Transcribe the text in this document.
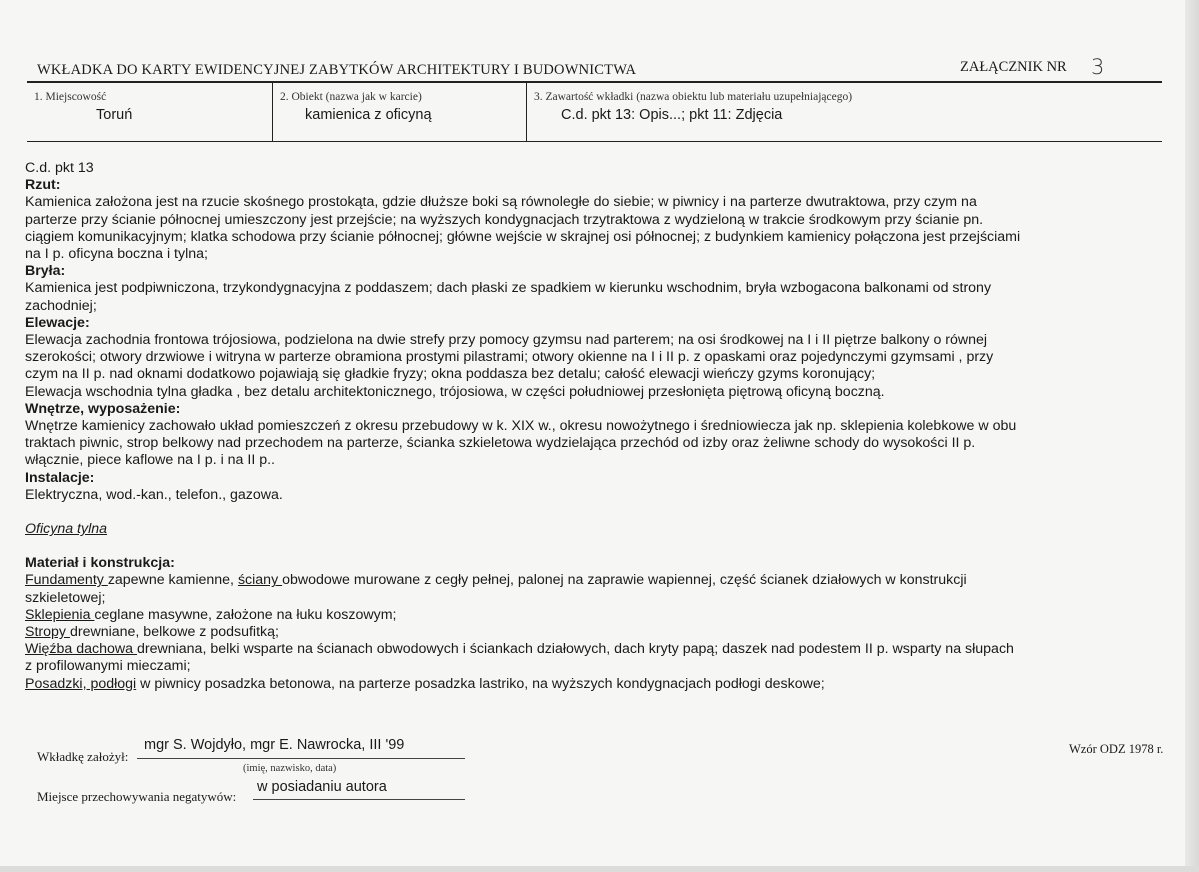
WKŁADKA DO KARTY EWIDENCYJNEJ ZABYTKÓW ARCHITEKTURY I BUDOWNICTWA	ZAŁĄCZNIK NR 3
1. Miejscowość
Toruń
2. Obiekt (nazwa jak w karcie)
kamienica z oficyną
3. Zawartość wkładki (nazwa obiektu lub materiału uzupełniającego)
C.d. pkt 13: Opis...; pkt 11: Zdjęcia
C.d. pkt 13
Rzut:
Kamienica założona jest na rzucie skośnego prostokąta, gdzie dłuższe boki są równoległe do siebie; w piwnicy i na parterze dwutraktowa, przy czym na
parterze przy ścianie północnej umieszczony jest przejście; na wyższych kondygnacjach trzytraktowa z wydzieloną w trakcie środkowym przy ścianie pn.
ciągiem komunikacyjnym; klatka schodowa przy ścianie północnej; główne wejście w skrajnej osi północnej; z budynkiem kamienicy połączona jest przejściami
na I p. oficyna boczna i tylna;
Bryła:
Kamienica jest podpiwniczona, trzykondygnacyjna z poddaszem; dach płaski ze spadkiem w kierunku wschodnim, bryła wzbogacona balkonami od strony
zachodniej;
Elewacje:
Elewacja zachodnia frontowa trójosiowa, podzielona na dwie strefy przy pomocy gzymsu nad parterem; na osi środkowej na I i II piętrze balkony o równej
szerokości; otwory drzwiowe i witryna w parterze obramiona prostymi pilastrami; otwory okienne na I i II p. z opaskami oraz pojedynczymi gzymsami , przy
czym na II p. nad oknami dodatkowo pojawiają się gładkie fryzy; okna poddasza bez detalu; całość elewacji wieńczy gzyms koronujący;
Elewacja wschodnia tylna gładka , bez detalu architektonicznego, trójosiowa, w części południowej przesłonięta piętrową oficyną boczną.
Wnętrze, wyposażenie:
Wnętrze kamienicy zachowało układ pomieszczeń z okresu przebudowy w k. XIX w., okresu nowożytnego i średniowiecza jak np. sklepienia kolebkowe w obu
traktach piwnic, strop belkowy nad przechodem na parterze, ścianka szkieletowa wydzielająca przechód od izby oraz żeliwne schody do wysokości II p.
włącznie, piece kaflowe na I p. i na II p..
Instalacje:
Elektryczna, wod.-kan., telefon., gazowa.
Oficyna tylna
Materiał i konstrukcja:
Fundamenty zapewne kamienne, ściany obwodowe murowane z cegły pełnej, palonej na zaprawie wapiennej, część ścianek działowych w konstrukcji
szkieletowej;
Sklepienia ceglane masywne, założone na łuku koszowym;
Stropy drewniane, belkowe z podsufitką;
Więźba dachowa drewniana, belki wsparte na ścianach obwodowych i ściankach działowych, dach kryty papą; daszek nad podestem II p. wsparty na słupach
z profilowanymi mieczami;
Posadzki, podłogi w piwnicy posadzka betonowa, na parterze posadzka lastriko, na wyższych kondygnacjach podłogi deskowe;
Wkładkę założył:
mgr S. Wojdyło, mgr E. Nawrocka, III '99
(imię, nazwisko, data)
Miejsce przechowywania negatywów:
w posiadaniu autora
Wzór ODZ 1978 r.
